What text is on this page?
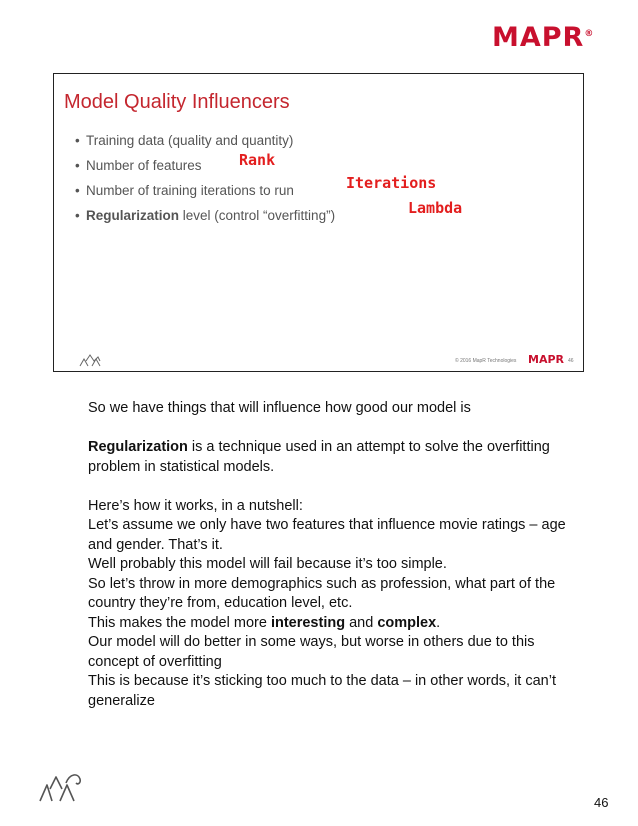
MAPR®
Model Quality Influencers
• Training data (quality and quantity)
• Number of features
• Number of training iterations to run
• Regularization level (control “overfitting”)
Rank
Iterations
Lambda
© 2016 MapR Technologies MAPR 46

So we have things that will influence how good our model is

Regularization is a technique used in an attempt to solve the overfitting problem in statistical models.

Here’s how it works, in a nutshell:

Let’s assume we only have two features that influence movie ratings – age and gender. That’s it.

Well probably this model will fail because it’s too simple.

So let’s throw in more demographics such as profession, what part of the country they’re from, education level, etc.

This makes the model more interesting and complex.

Our model will do better in some ways, but worse in others due to this concept of overfitting

This is because it’s sticking too much to the data – in other words, it can’t generalize

46
